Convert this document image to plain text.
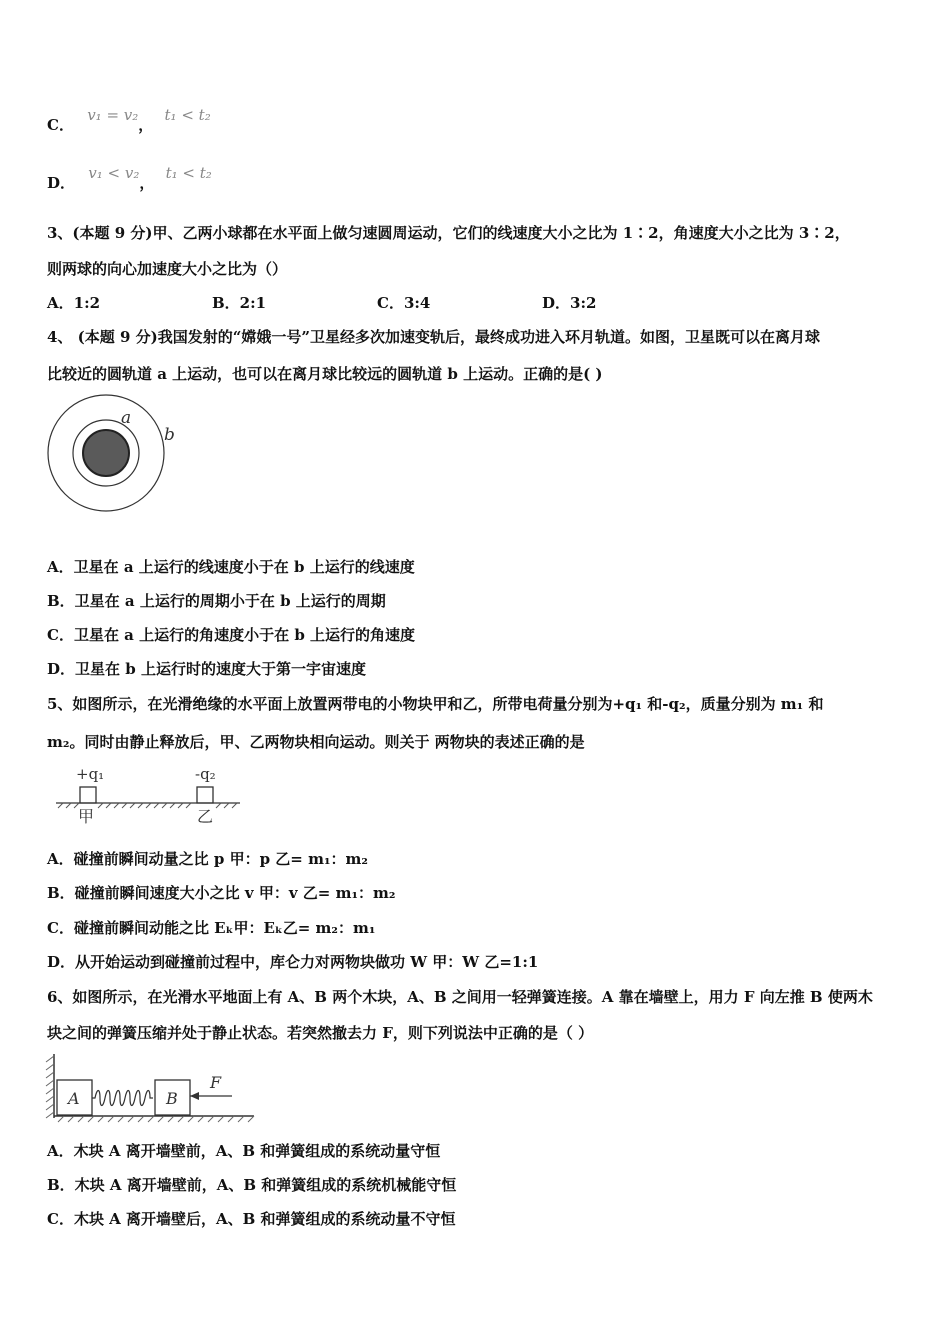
C． v₁ = v₂， t₁ < t₂
D． v₁ < v₂， t₁ < t₂
3、(本题 9 分)甲、乙两小球都在水平面上做匀速圆周运动，它们的线速度大小之比为 1∶2，角速度大小之比为 3∶2，
则两球的向心加速度大小之比为（）
A．1:2	B．2:1	C．3:4	D．3:2
4、 (本题 9 分)我国发射的“嫦娥一号”卫星经多次加速变轨后，最终成功进入环月轨道。如图，卫星既可以在离月球
比较近的圆轨道 a 上运动，也可以在离月球比较远的圆轨道 b 上运动。正确的是( )
a
b
A．卫星在 a 上运行的线速度小于在 b 上运行的线速度
B．卫星在 a 上运行的周期小于在 b 上运行的周期
C．卫星在 a 上运行的角速度小于在 b 上运行的角速度
D．卫星在 b 上运行时的速度大于第一宇宙速度
5、如图所示，在光滑绝缘的水平面上放置两带电的小物块甲和乙，所带电荷量分别为+q₁ 和-q₂，质量分别为 m₁ 和
m₂。同时由静止释放后，甲、乙两物块相向运动。则关于 两物块的表述正确的是
+q₁	-q₂
甲	乙
A．碰撞前瞬间动量之比 p 甲：p 乙= m₁：m₂
B．碰撞前瞬间速度大小之比 v 甲：v 乙= m₁：m₂
C．碰撞前瞬间动能之比 Eₖ甲：Eₖ乙= m₂：m₁
D．从开始运动到碰撞前过程中，库仑力对两物块做功 W 甲：W 乙=1:1
6、如图所示，在光滑水平地面上有 A、B 两个木块，A、B 之间用一轻弹簧连接。A 靠在墙壁上，用力 F 向左推 B 使两木
块之间的弹簧压缩并处于静止状态。若突然撤去力 F，则下列说法中正确的是（ ）
A	B
F
A．木块 A 离开墙壁前，A、B 和弹簧组成的系统动量守恒
B．木块 A 离开墙壁前，A、B 和弹簧组成的系统机械能守恒
C．木块 A 离开墙壁后，A、B 和弹簧组成的系统动量不守恒
